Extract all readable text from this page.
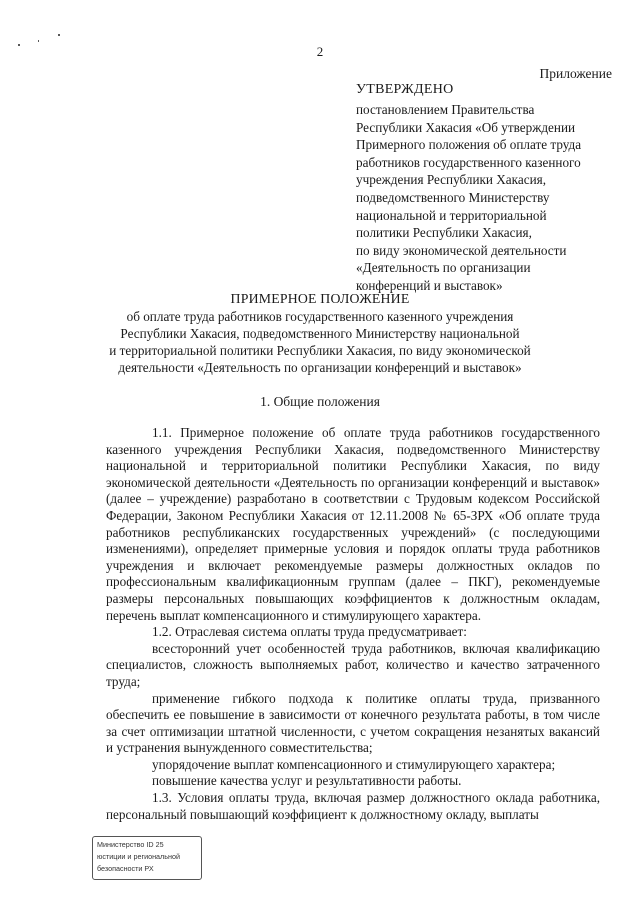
2
Приложение
УТВЕРЖДЕНО
постановлением Правительства
Республики Хакасия «Об утверждении
Примерного положения об оплате труда
работников государственного казенного
учреждения Республики Хакасия,
подведомственного Министерству
национальной и территориальной
политики Республики Хакасия,
по виду экономической деятельности
«Деятельность по организации
конференций и выставок»
ПРИМЕРНОЕ ПОЛОЖЕНИЕ
об оплате труда работников государственного казенного учреждения
Республики Хакасия, подведомственного Министерству национальной
и территориальной политики Республики Хакасия, по виду экономической
деятельности «Деятельность по организации конференций и выставок»
1. Общие положения

1.1. Примерное положение об оплате труда работников государственного казенного учреждения Республики Хакасия, подведомственного Министерству национальной и территориальной политики Республики Хакасия, по виду экономической деятельности «Деятельность по организации конференций и выставок» (далее – учреждение) разработано в соответствии с Трудовым кодексом Российской Федерации, Законом Республики Хакасия от 12.11.2008 № 65-ЗРХ «Об оплате труда работников республиканских государственных учреждений» (с последующими изменениями), определяет примерные условия и порядок оплаты труда работников учреждения и включает рекомендуемые размеры должностных окладов по профессиональным квалификационным группам (далее – ПКГ), рекомендуемые размеры персональных повышающих коэффициентов к должностным окладам, перечень выплат компенсационного и стимулирующего характера.

1.2. Отраслевая система оплаты труда предусматривает:

всесторонний учет особенностей труда работников, включая квалификацию специалистов, сложность выполняемых работ, количество и качество затраченного труда;

применение гибкого подхода к политике оплаты труда, призванного обеспечить ее повышение в зависимости от конечного результата работы, в том числе за счет оптимизации штатной численности, с учетом сокращения незанятых вакансий и устранения вынужденного совместительства;

упорядочение выплат компенсационного и стимулирующего характера;

повышение качества услуг и результативности работы.

1.3. Условия оплаты труда, включая размер должностного оклада работника, персональный повышающий коэффициент к должностному окладу, выплаты

Министерство ID 25
юстиции и региональной
безопасности РХ
